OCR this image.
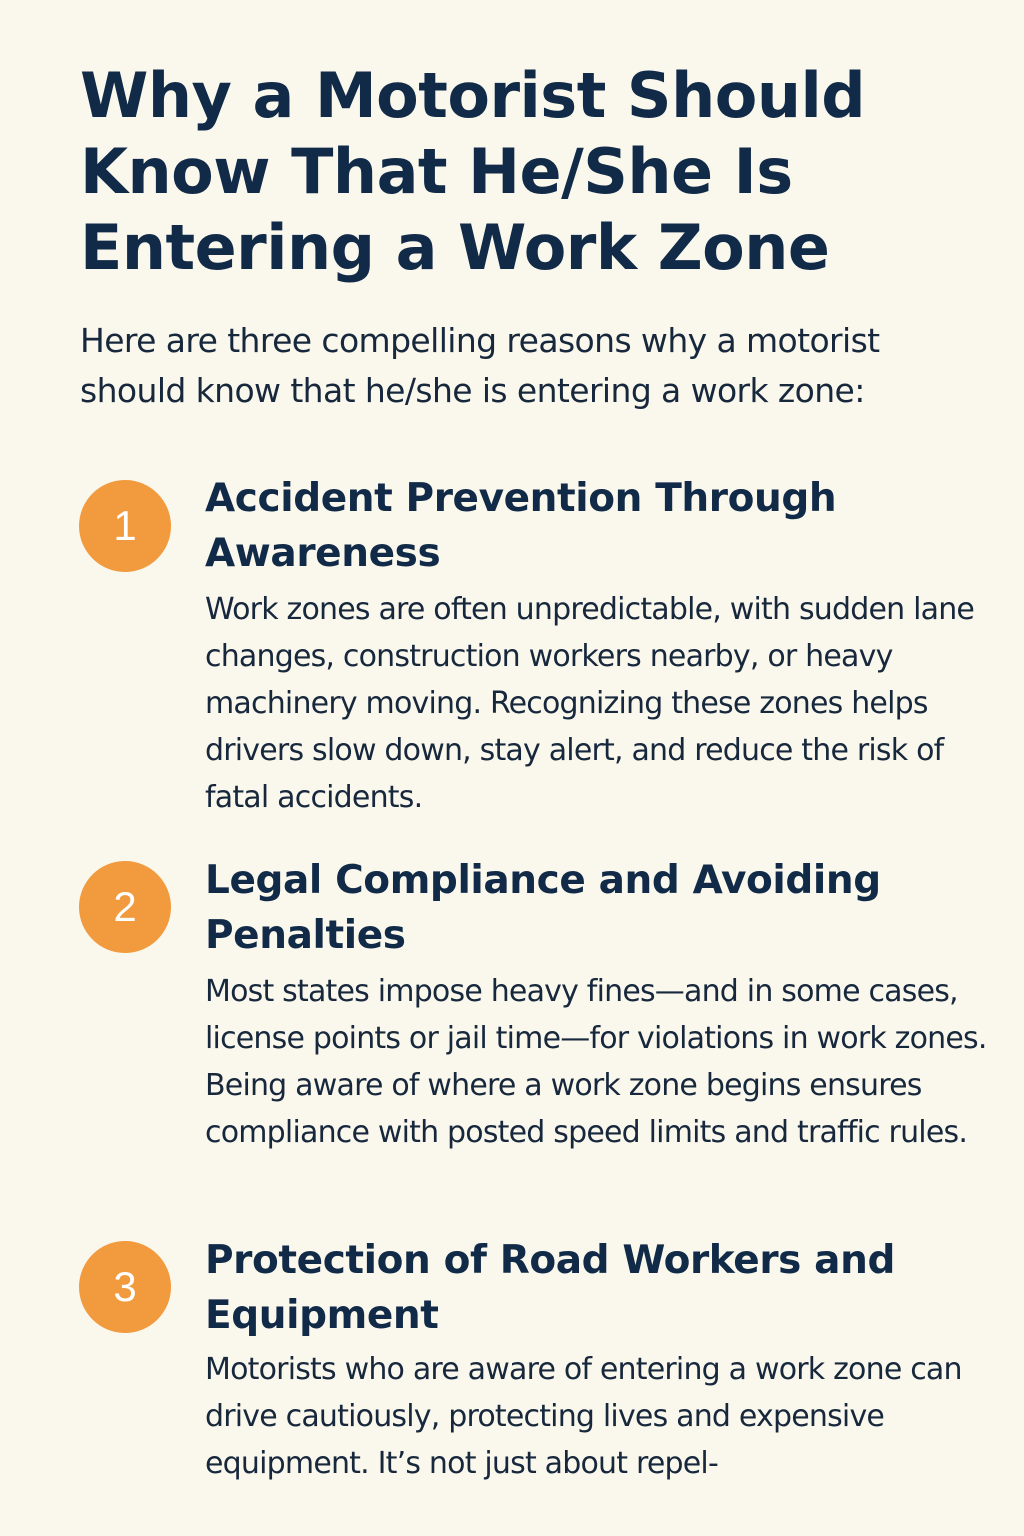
Why a Motorist Should Know That He/She Is Entering a Work Zone

Here are three compelling reasons why a motorist should know that he/she is entering a work zone:

1
Accident Prevention Through Awareness

Work zones are often unpredictable, with sudden lane changes, construction workers nearby, or heavy machinery moving. Recognizing these zones helps drivers slow down, stay alert, and reduce the risk of fatal accidents.

2
Legal Compliance and Avoiding Penalties

Most states impose heavy fines—and in some cases, license points or jail time—for violations in work zones. Being aware of where a work zone begins ensures compliance with posted speed limits and traffic rules.

3
Protection of Road Workers and Equipment

Motorists who are aware of entering a work zone can drive cautiously, protecting lives and expensive equipment. It’s not just about repel-
